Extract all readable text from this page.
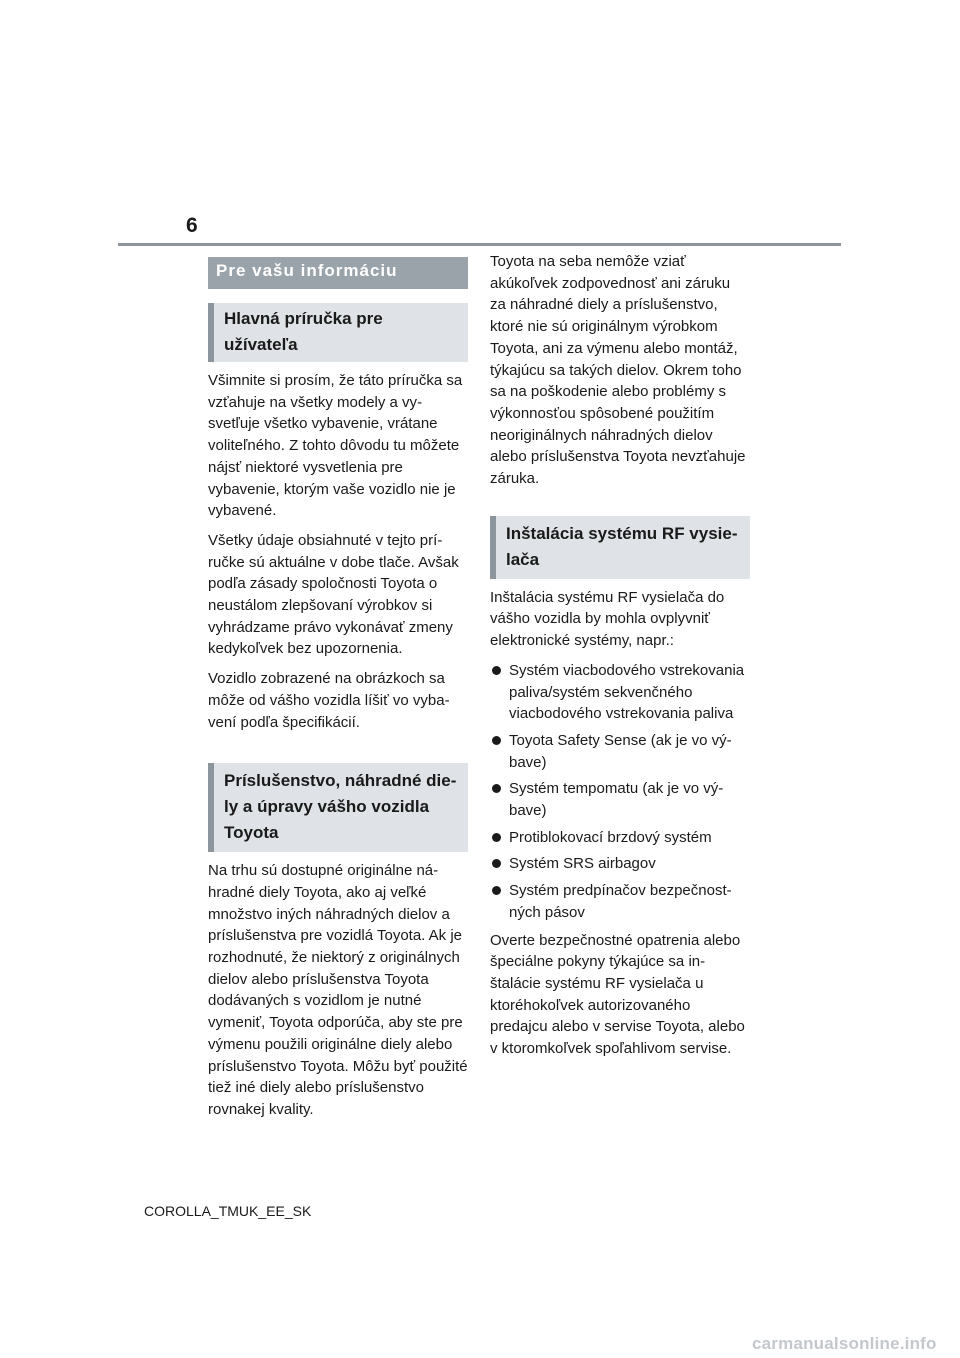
6
Pre vašu informáciu
Hlavná príručka pre užívateľa

Všimnite si prosím, že táto príručka sa vzťahuje na všetky modely a vysvetľuje všetko vybavenie, vrátane voliteľného. Z tohto dôvodu tu môžete nájsť niektoré vysvetlenia pre vybavenie, ktorým vaše vozidlo nie je vybavené.

Všetky údaje obsiahnuté v tejto príručke sú aktuálne v dobe tlače. Avšak podľa zásady spoločnosti Toyota o neustálom zlepšovaní výrobkov si vyhrádzame právo vykonávať zmeny kedykoľvek bez upozornenia.

Vozidlo zobrazené na obrázkoch sa môže od vášho vozidla líšiť vo vybavení podľa špecifikácií.

Príslušenstvo, náhradné diely a úpravy vášho vozidla Toyota

Na trhu sú dostupné originálne náhradné diely Toyota, ako aj veľké množstvo iných náhradných dielov a príslušenstva pre vozidlá Toyota. Ak je rozhodnuté, že niektorý z originálnych dielov alebo príslušenstva Toyota dodávaných s vozidlom je nutné vymeniť, Toyota odporúča, aby ste pre výmenu použili originálne diely alebo príslušenstvo Toyota. Môžu byť použité tiež iné diely alebo príslušenstvo rovnakej kvality.

Toyota na seba nemôže vziať akúkoľvek zodpovednosť ani záruku za náhradné diely a príslušenstvo, ktoré nie sú originálnym výrobkom Toyota, ani za výmenu alebo montáž, týkajúcu sa takých dielov. Okrem toho sa na poškodenie alebo problémy s výkonnosťou spôsobené použitím neoriginálnych náhradných dielov alebo príslušenstva Toyota nevzťahuje záruka.

Inštalácia systému RF vysielača

Inštalácia systému RF vysielača do vášho vozidla by mohla ovplyvniť elektronické systémy, napr.:

Systém viacbodového vstrekovania paliva/systém sekvenčného viacbodového vstrekovania paliva
Toyota Safety Sense (ak je vo výbave)
Systém tempomatu (ak je vo výbave)
Protiblokovací brzdový systém
Systém SRS airbagov
Systém predpínačov bezpečnostných pásov

Overte bezpečnostné opatrenia alebo špeciálne pokyny týkajúce sa inštalácie systému RF vysielača u ktoréhokoľvek autorizovaného predajcu alebo v servise Toyota, alebo v ktoromkoľvek spoľahlivom servise.

COROLLA_TMUK_EE_SK
carmanualsonline.info
